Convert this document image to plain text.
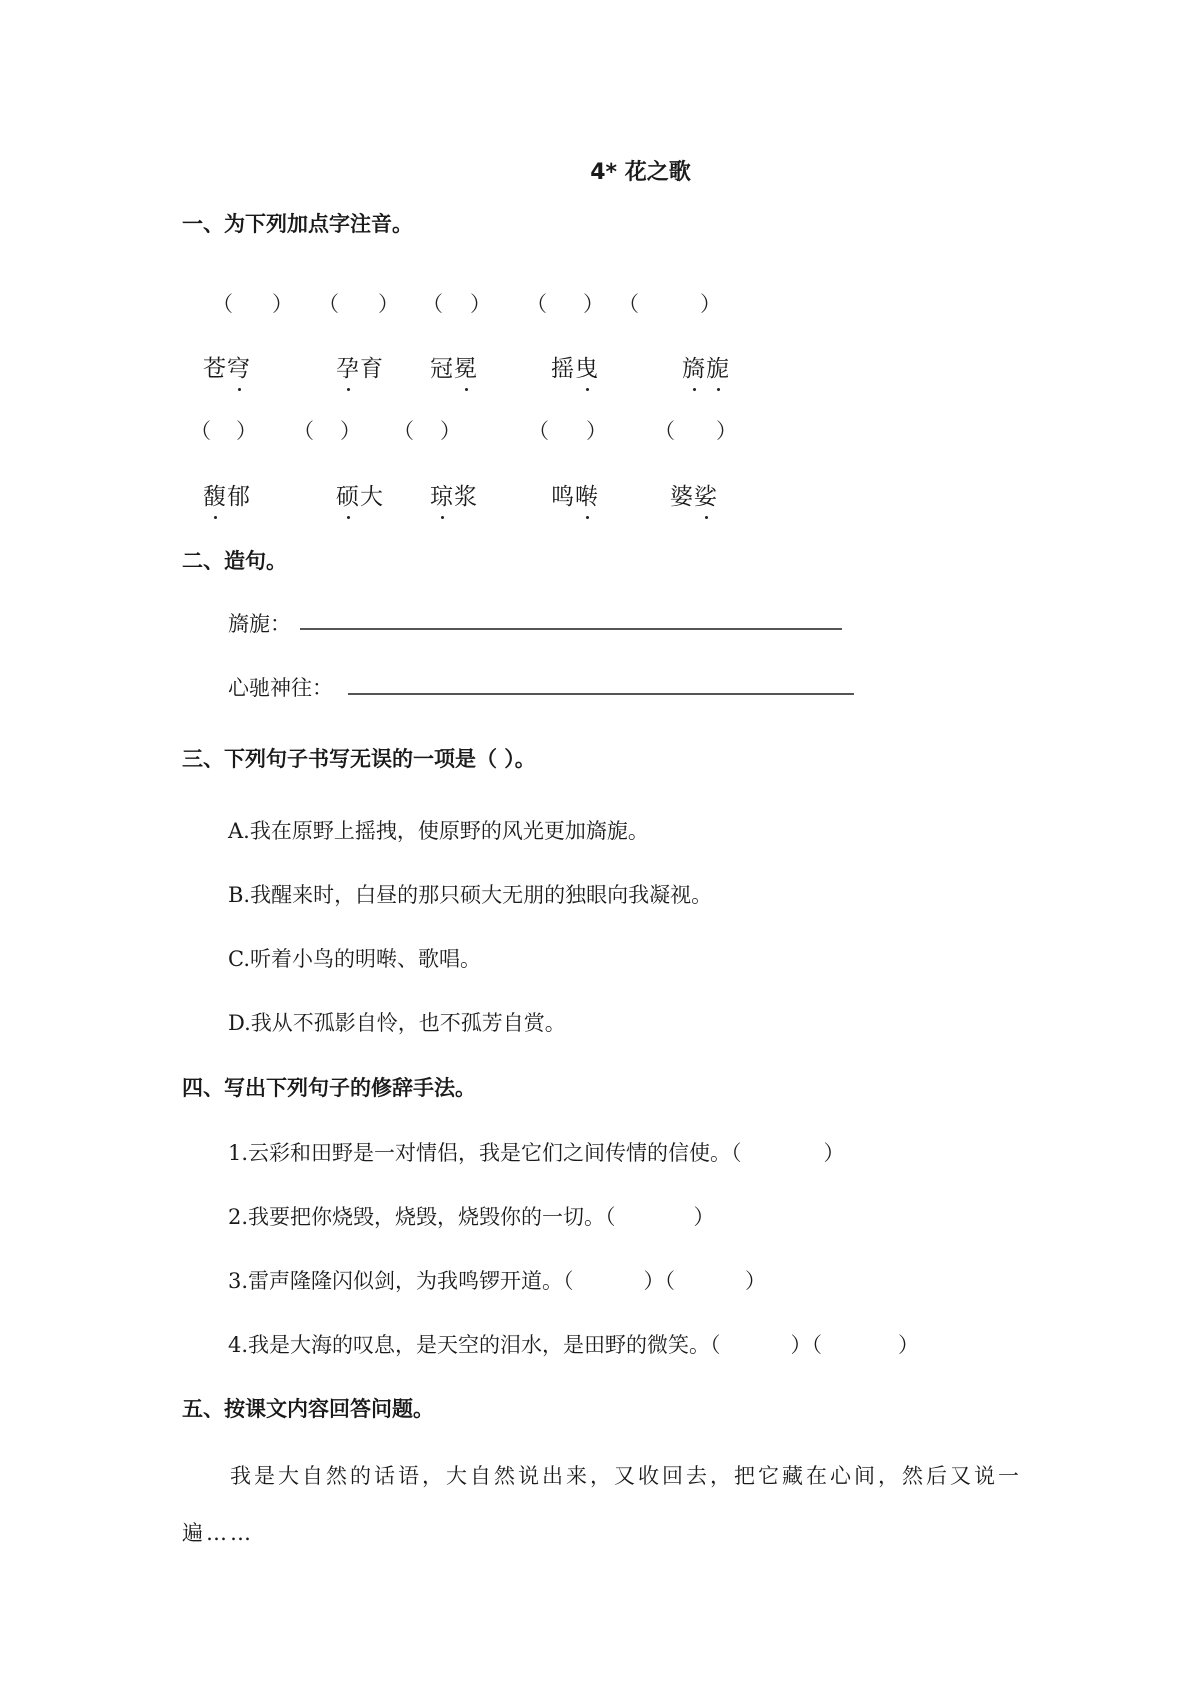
4* 花之歌
一、为下列加点字注音。
（ ） （ ） （ ） （ ） （	）
苍穹	孕育 冠冕	摇曳	旖旎
（ ） （ ） （ ）	（ ） （ ）
馥郁	硕大 琼浆	鸣啭	婆娑
二、造句。
旖旎：
心驰神往：
三、下列句子书写无误的一项是（ ）。
A.我在原野上摇拽，使原野的风光更加旖旎。
B.我醒来时，白昼的那只硕大无朋的独眼向我凝视。
C.听着小鸟的明啭、歌唱。
D.我从不孤影自怜，也不孤芳自赏。
四、写出下列句子的修辞手法。
1.云彩和田野是一对情侣，我是它们之间传情的信使。（	）
2.我要把你烧毁，烧毁，烧毁你的一切。（	）
3.雷声隆隆闪似剑，为我鸣锣开道。（	）（	）
4.我是大海的叹息，是天空的泪水，是田野的微笑。（	）（	）
五、按课文内容回答问题。
我是大自然的话语，大自然说出来，又收回去，把它藏在心间，然后又说一
遍……
